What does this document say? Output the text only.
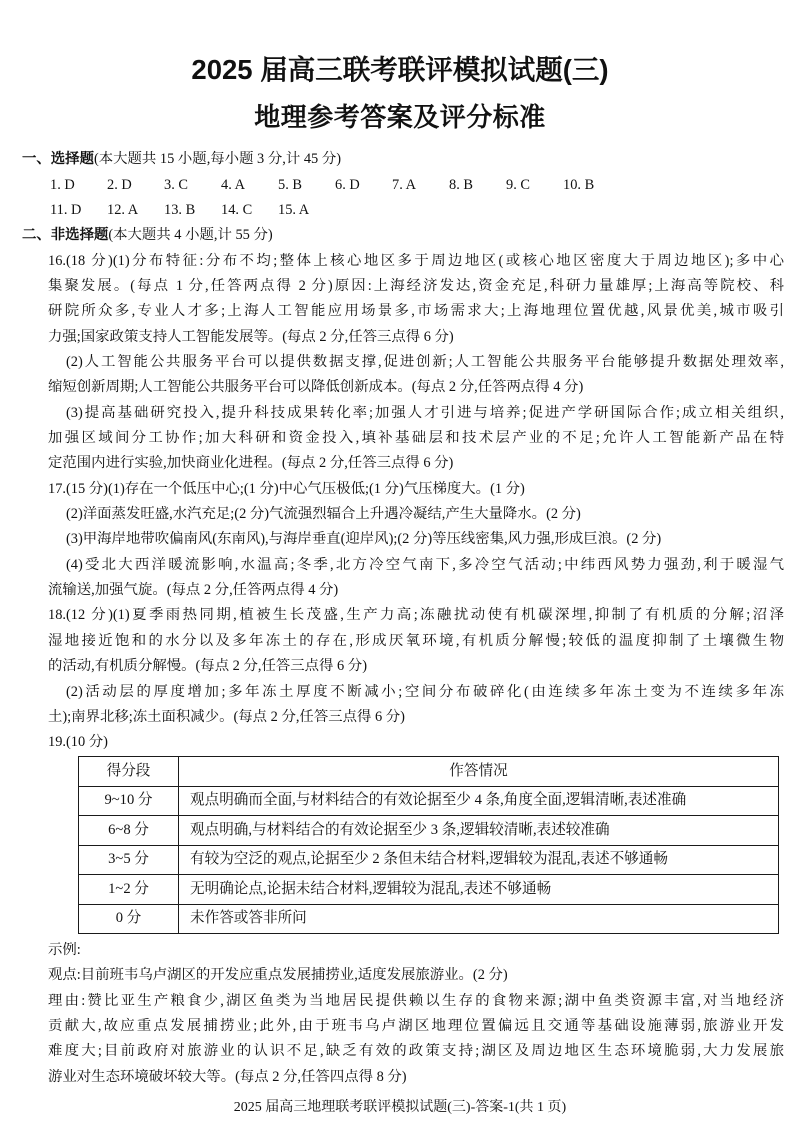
2025 届高三联考联评模拟试题(三)
地理参考答案及评分标准
一、选择题(本大题共 15 小题,每小题 3 分,计 45 分)
1. D	2. D	3. C	4. A	5. B	6. D	7. A	8. B	9. C	10. B
11. D	12. A	13. B	14. C	15. A
二、非选择题(本大题共 4 小题,计 55 分)
16.(18 分)(1)分布特征:分布不均;整体上核心地区多于周边地区(或核心地区密度大于周边地区);多中心
集聚发展。(每点 1 分,任答两点得 2 分)原因:上海经济发达,资金充足,科研力量雄厚;上海高等院校、科
研院所众多,专业人才多;上海人工智能应用场景多,市场需求大;上海地理位置优越,风景优美,城市吸引
力强;国家政策支持人工智能发展等。(每点 2 分,任答三点得 6 分)
(2)人工智能公共服务平台可以提供数据支撑,促进创新;人工智能公共服务平台能够提升数据处理效率,
缩短创新周期;人工智能公共服务平台可以降低创新成本。(每点 2 分,任答两点得 4 分)
(3)提高基础研究投入,提升科技成果转化率;加强人才引进与培养;促进产学研国际合作;成立相关组织,
加强区域间分工协作;加大科研和资金投入,填补基础层和技术层产业的不足;允许人工智能新产品在特
定范围内进行实验,加快商业化进程。(每点 2 分,任答三点得 6 分)
17.(15 分)(1)存在一个低压中心;(1 分)中心气压极低;(1 分)气压梯度大。(1 分)
(2)洋面蒸发旺盛,水汽充足;(2 分)气流强烈辐合上升遇冷凝结,产生大量降水。(2 分)
(3)甲海岸地带吹偏南风(东南风),与海岸垂直(迎岸风);(2 分)等压线密集,风力强,形成巨浪。(2 分)
(4)受北大西洋暖流影响,水温高;冬季,北方冷空气南下,多冷空气活动;中纬西风势力强劲,利于暖湿气
流输送,加强气旋。(每点 2 分,任答两点得 4 分)
18.(12 分)(1)夏季雨热同期,植被生长茂盛,生产力高;冻融扰动使有机碳深埋,抑制了有机质的分解;沼泽
湿地接近饱和的水分以及多年冻土的存在,形成厌氧环境,有机质分解慢;较低的温度抑制了土壤微生物
的活动,有机质分解慢。(每点 2 分,任答三点得 6 分)
(2)活动层的厚度增加;多年冻土厚度不断减小;空间分布破碎化(由连续多年冻土变为不连续多年冻
土);南界北移;冻土面积减少。(每点 2 分,任答三点得 6 分)
19.(10 分)
得分段	作答情况
9~10 分	观点明确而全面,与材料结合的有效论据至少 4 条,角度全面,逻辑清晰,表述准确
6~8 分	观点明确,与材料结合的有效论据至少 3 条,逻辑较清晰,表述较准确
3~5 分	有较为空泛的观点,论据至少 2 条但未结合材料,逻辑较为混乱,表述不够通畅
1~2 分	无明确论点,论据未结合材料,逻辑较为混乱,表述不够通畅
0 分	未作答或答非所问
示例:
观点:目前班韦乌卢湖区的开发应重点发展捕捞业,适度发展旅游业。(2 分)
理由:赞比亚生产粮食少,湖区鱼类为当地居民提供赖以生存的食物来源;湖中鱼类资源丰富,对当地经济
贡献大,故应重点发展捕捞业;此外,由于班韦乌卢湖区地理位置偏远且交通等基础设施薄弱,旅游业开发
难度大;目前政府对旅游业的认识不足,缺乏有效的政策支持;湖区及周边地区生态环境脆弱,大力发展旅
游业对生态环境破坏较大等。(每点 2 分,任答四点得 8 分)
2025 届高三地理联考联评模拟试题(三)-答案-1(共 1 页)
